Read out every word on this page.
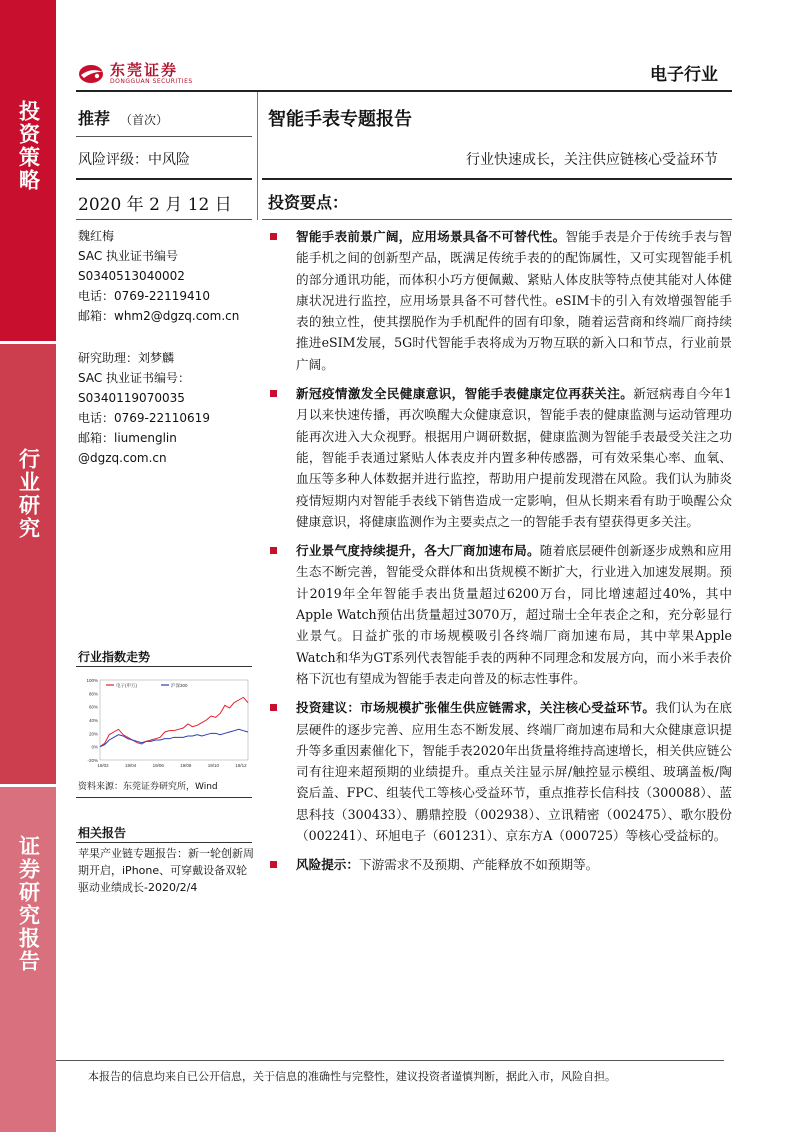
投资策略
行业研究
证券研究报告
东莞证券
DONGGUAN SECURITIES	电子行业
推荐 （首次）
风险评级：中风险
2020 年 2 月 12 日
智能手表专题报告
行业快速成长，关注供应链核心受益环节
投资要点：
魏红梅
SAC 执业证书编号
S0340513040002
电话：0769-22119410
邮箱：whm2@dgzq.com.cn
研究助理：刘梦麟
SAC 执业证书编号：
S0340119070035
电话：0769-22110619
邮箱：liumenglin
@dgzq.com.cn
行业指数走势
100%
80%
60%
40%
20%
0%
-20%
19/02	19/04	19/06	19/08	19/10	19/12
电子(申万)	沪深300
资料来源：东莞证券研究所，Wind
相关报告
苹果产业链专题报告：新一轮创新周期开启，iPhone、可穿戴设备双轮驱动业绩成长-2020/2/4
智能手表前景广阔，应用场景具备不可替代性。智能手表是介于传统手表与智能手机之间的创新型产品，既满足传统手表的的配饰属性，又可实现智能手机的部分通讯功能，而体积小巧方便佩戴、紧贴人体皮肤等特点使其能对人体健康状况进行监控，应用场景具备不可替代性。eSIM卡的引入有效增强智能手表的独立性，使其摆脱作为手机配件的固有印象，随着运营商和终端厂商持续推进eSIM发展，5G时代智能手表将成为万物互联的新入口和节点，行业前景广阔。
新冠疫情激发全民健康意识，智能手表健康定位再获关注。新冠病毒自今年1月以来快速传播，再次唤醒大众健康意识，智能手表的健康监测与运动管理功能再次进入大众视野。根据用户调研数据，健康监测为智能手表最受关注之功能，智能手表通过紧贴人体表皮并内置多种传感器，可有效采集心率、血氧、血压等多种人体数据并进行监控，帮助用户提前发现潜在风险。我们认为肺炎疫情短期内对智能手表线下销售造成一定影响，但从长期来看有助于唤醒公众健康意识，将健康监测作为主要卖点之一的智能手表有望获得更多关注。
行业景气度持续提升，各大厂商加速布局。随着底层硬件创新逐步成熟和应用生态不断完善，智能受众群体和出货规模不断扩大，行业进入加速发展期。预计2019年全年智能手表出货量超过6200万台，同比增速超过40%，其中Apple Watch预估出货量超过3070万，超过瑞士全年表企之和，充分彰显行业景气。日益扩张的市场规模吸引各终端厂商加速布局，其中苹果Apple Watch和华为GT系列代表智能手表的两种不同理念和发展方向，而小米手表价格下沉也有望成为智能手表走向普及的标志性事件。
投资建议：市场规模扩张催生供应链需求，关注核心受益环节。我们认为在底层硬件的逐步完善、应用生态不断发展、终端厂商加速布局和大众健康意识提升等多重因素催化下，智能手表2020年出货量将维持高速增长，相关供应链公司有往迎来超预期的业绩提升。重点关注显示屏/触控显示模组、玻璃盖板/陶瓷后盖、FPC、组装代工等核心受益环节，重点推荐长信科技（300088）、蓝思科技（300433）、鹏鼎控股（002938）、立讯精密（002475）、歌尔股份（002241）、环旭电子（601231）、京东方A（000725）等核心受益标的。
风险提示：下游需求不及预期、产能释放不如预期等。
本报告的信息均来自已公开信息，关于信息的准确性与完整性，建议投资者谨慎判断，据此入市，风险自担。
